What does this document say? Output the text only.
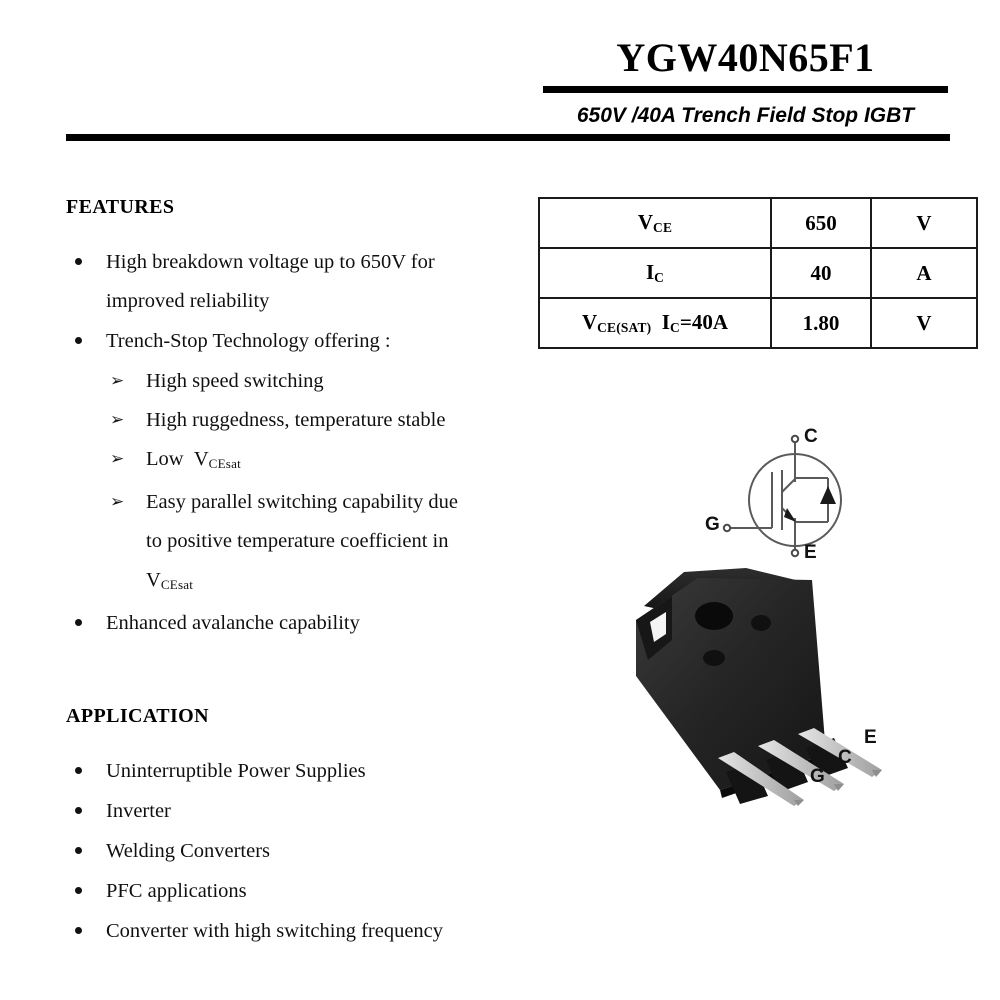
YGW40N65F1
650V /40A Trench Field Stop IGBT
FEATURES
High breakdown voltage up to 650V for improved reliability
Trench-Stop Technology offering :
➢ High speed switching
➢ High ruggedness, temperature stable
➢ Low $V_{CEsat}$
➢ Easy parallel switching capability due
to positive temperature coefficient in
$V_{CEsat}$
Enhanced avalanche capability
APPLICATION
Uninterruptible Power Supplies
Inverter
Welding Converters
PFC applications
Converter with high switching frequency
$V_{CE}$	650	V
$I_C$	40	A
$V_{CE(SAT)}$ $I_C=40A$	1.80	V
C
E
G
E
C
G
